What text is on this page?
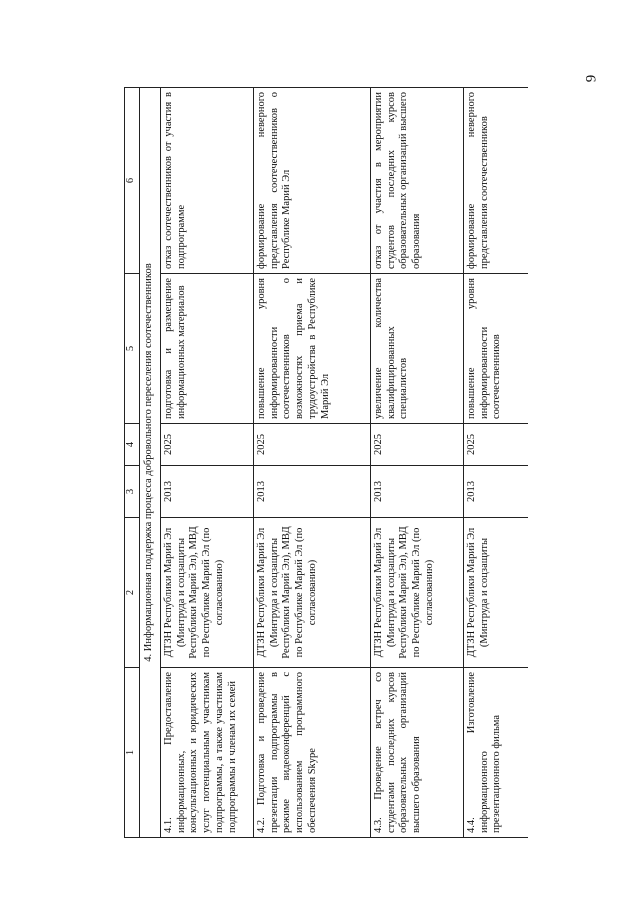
9
1	2	3	4	5	6
4. Информационная поддержка процесса добровольного переселения соотечественников					
4.1. Предоставление информационных, консультационных и юридических услуг потенциальным участникам подпрограммы, а также участникам подпрограммы и членам их семей	ДТЗН Республики Марий Эл (Минтруда и соцзащиты Республики Марий Эл), МВД по Республике Марий Эл (по согласованию)	2013	2025	подготовка и размещение информационных материалов	отказ соотечественников от участия в подпрограмме
4.2. Подготовка и проведение презентации подпрограммы в режиме видеоконференций с использованием программного обеспечения Skype	ДТЗН Республики Марий Эл (Минтруда и соцзащиты Республики Марий Эл), МВД по Республике Марий Эл (по согласованию)	2013	2025	повышение уровня информированности соотечественников о возможностях приема и трудоустройства в Республике Марий Эл	формирование неверного представления соотечественников о Республике Марий Эл
4.3. Проведение встреч со студентами последних курсов образовательных организаций высшего образования	ДТЗН Республики Марий Эл (Минтруда и соцзащиты Республики Марий Эл), МВД по Республике Марий Эл (по согласованию)	2013	2025	увеличение количества квалифицированных специалистов	отказ от участия в мероприятии студентов последних курсов образовательных организаций высшего образования
4.4. Изготовление информационного презентационного фильма	ДТЗН Республики Марий Эл (Минтруда и соцзащиты	2013	2025	повышение уровня информированности соотечественников	формирование неверного представления соотечественников
